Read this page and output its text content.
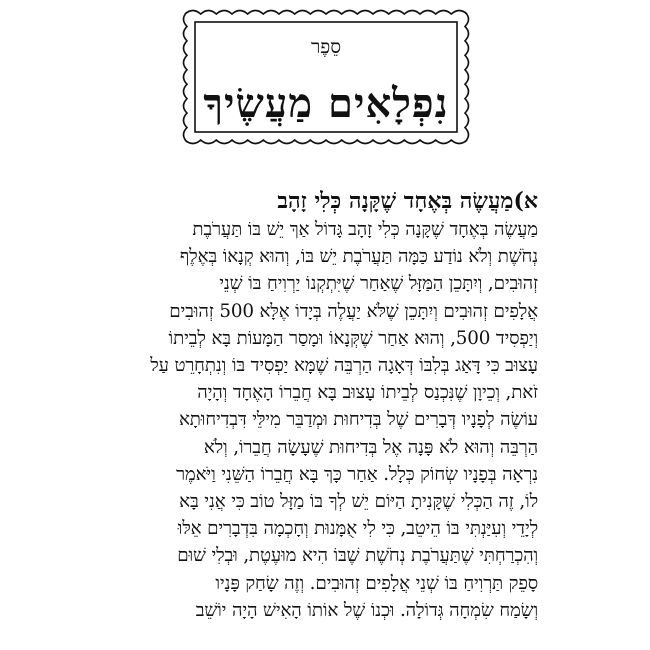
סֵפֶר
נִפְלָאִים מַעֲשֶׂיךָ
א)מַעֲשֶׂה בְּאֶחָד שֶׁקָּנָה כְּלִי זָהָב
מַעֲשֶׂה בְּאֶחָד שֶׁקָּנָה כְּלִי זָהָב גָּדוֹל אַךְ יֵשׁ בּוֹ תַּעֲרֹבֶת
נְחֹשֶׁת וְלֹא נוֹדַע כַּמָּה תַּעֲרֹבֶת יֵשׁ בּוֹ, וְהוּא קְנָאוֹ בְּאֶלֶף
זְהוּבִים, וְיִתָּכֵן הַמַּזָּל שֶׁאַחַר שֶׁיִּתְקְנוֹ יַרְוִיחַ בּוֹ שְׁנֵי
אֲלָפִים זְהוּבִים וְיִתָּכֵן שֶׁלֹּא יַעֲלֶה בְּיָדוֹ אֶלָּא 500 זְהוּבִים
וְיַפְסִיד 500, וְהוּא אַחַר שֶׁקְּנָאוֹ וּמָסַר הַמָּעוֹת בָּא לְבֵיתוֹ
עָצוּב כִּי דָּאַג בְּלִבּוֹ דְּאָגָה הַרְבֵּה שֶׁמָּא יַפְסִיד בּוֹ וְנִתְחָרֵט עַל
זֹאת, וְכֵיוָן שֶׁנִּכְנַס לְבֵיתוֹ עָצוּב בָּא חֲבֵרוֹ הָאֶחָד וְהָיָה
עוֹשֶׂה לְפָנָיו דְּבָרִים שֶׁל בְּדִיחוּת וּמְדַבֵּר מִילֵּי דִּבְדִיחוּתָא
הַרְבֵּה וְהוּא לֹא פָּנָה אֶל בְּדִיחוּת שֶׁעָשָׂה חֲבֵרוֹ, וְלֹא
נִרְאָה בְּפָנָיו שְׂחוֹק כְּלָל. אַחַר כָּךְ בָּא חֲבֵרוֹ הַשֵּׁנִי וַיֹּאמֶר
לוֹ, זֶה הַכְּלִי שֶׁקָּנִיתָ הַיּוֹם יֵשׁ לְךָ בּוֹ מַזָּל טוֹב כִּי אֲנִי בָּא
לְיָדֵי וְעִיַּנְתִּי בּוֹ הֵיטֵב, כִּי לִי אֻמָּנוּת וְחָכְמָה בִּדְבָרִים אֵלּוּ
וְהִכְרַחְתִּי שֶׁתַּעֲרֹבֶת נְחֹשֶׁת שֶׁבּוֹ הִיא מוּעֶטֶת, וּבְלִי שׁוּם
סָפֵק תַּרְוִיחַ בּוֹ שְׁנֵי אֲלָפִים זְהוּבִים. וְזֶה שָׂחַק פָּנָיו
וְשָׂמַח שִׂמְחָה גְּדוֹלָה. וּכְנוֹ שֶׁל אוֹתוֹ הָאִישׁ הָיָה יוֹשֵׁב
